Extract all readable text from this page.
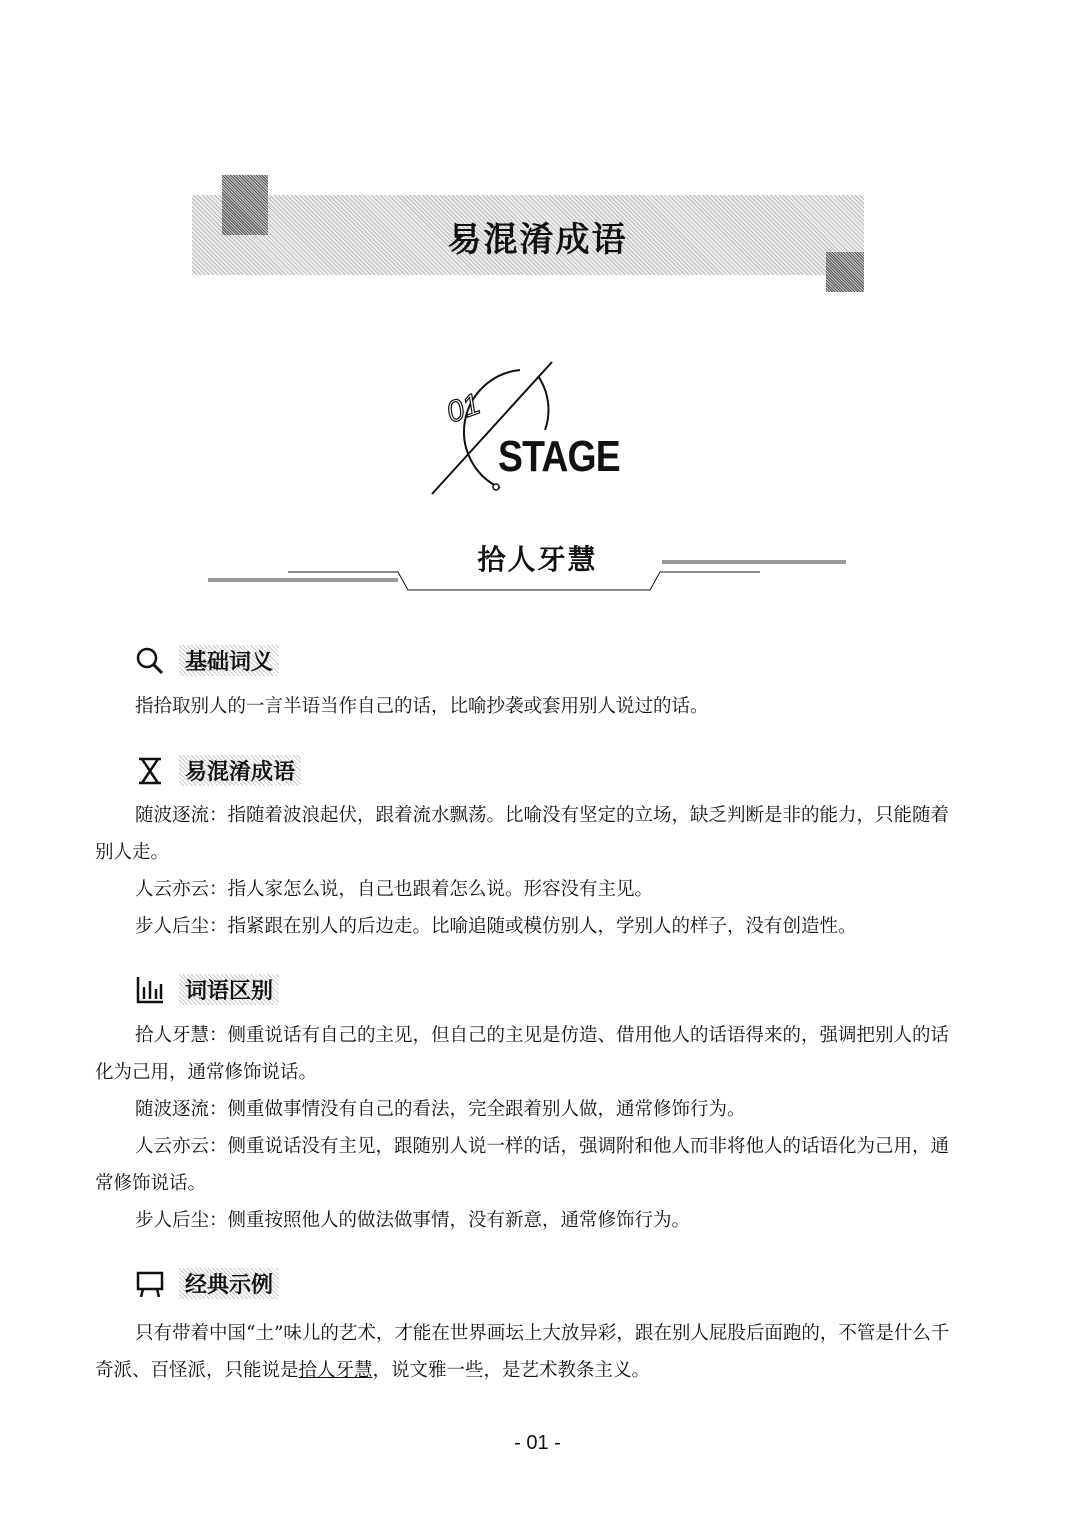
易混淆成语
01
STAGE
拾人牙慧
基础词义

指拾取别人的一言半语当作自己的话，比喻抄袭或套用别人说过的话。

易混淆成语

随波逐流：指随着波浪起伏，跟着流水飘荡。比喻没有坚定的立场，缺乏判断是非的能力，只能随着别人走。

人云亦云：指人家怎么说，自己也跟着怎么说。形容没有主见。

步人后尘：指紧跟在别人的后边走。比喻追随或模仿别人，学别人的样子，没有创造性。

词语区别

拾人牙慧：侧重说话有自己的主见，但自己的主见是仿造、借用他人的话语得来的，强调把别人的话化为己用，通常修饰说话。

随波逐流：侧重做事情没有自己的看法，完全跟着别人做，通常修饰行为。

人云亦云：侧重说话没有主见，跟随别人说一样的话，强调附和他人而非将他人的话语化为己用，通常修饰说话。

步人后尘：侧重按照他人的做法做事情，没有新意，通常修饰行为。

经典示例

只有带着中国“土”味儿的艺术，才能在世界画坛上大放异彩，跟在别人屁股后面跑的，不管是什么千奇派、百怪派，只能说是拾人牙慧，说文雅一些，是艺术教条主义。

- 01 -
